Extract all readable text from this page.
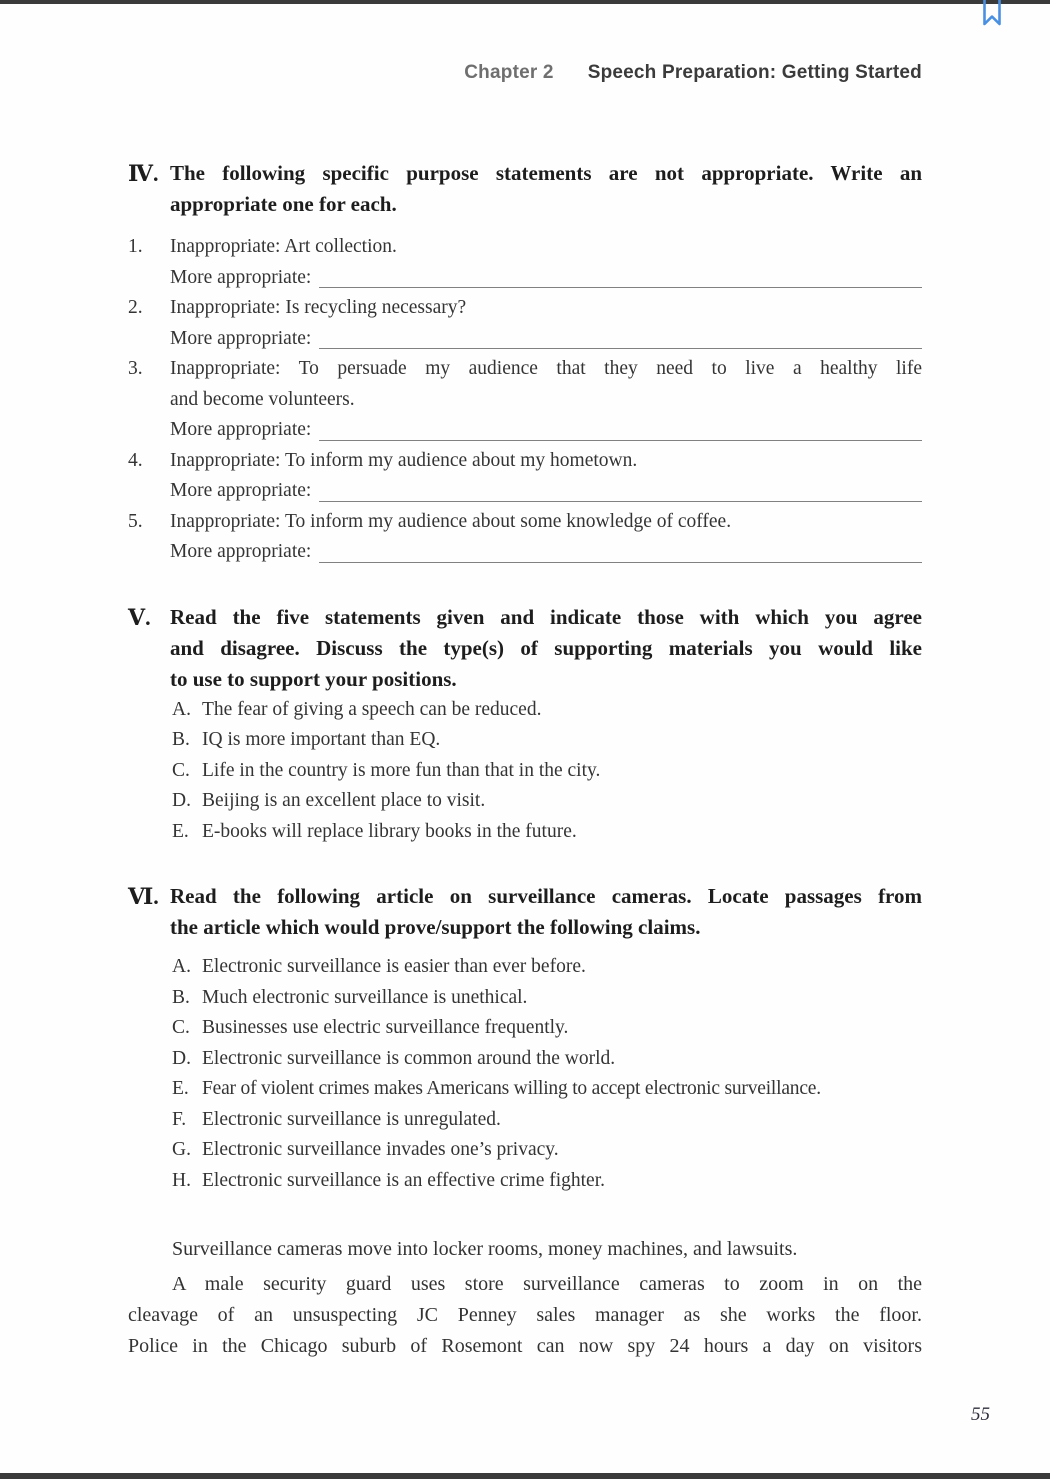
Chapter 2 Speech Preparation: Getting Started
Ⅳ. The following specific purpose statements are not appropriate. Write an
appropriate one for each.
1.	Inappropriate: Art collection.
More appropriate:
2.	Inappropriate: Is recycling necessary?
More appropriate:
3.	Inappropriate: To persuade my audience that they need to live a healthy life
and become volunteers.
More appropriate:
4.	Inappropriate: To inform my audience about my hometown.
More appropriate:
5.	Inappropriate: To inform my audience about some knowledge of coffee.
More appropriate:
Ⅴ. Read the five statements given and indicate those with which you agree
and disagree. Discuss the type(s) of supporting materials you would like
to use to support your positions.
A. The fear of giving a speech can be reduced.
B. IQ is more important than EQ.
C. Life in the country is more fun than that in the city.
D. Beijing is an excellent place to visit.
E. E-books will replace library books in the future.
Ⅵ. Read the following article on surveillance cameras. Locate passages from
the article which would prove/support the following claims.
A. Electronic surveillance is easier than ever before.
B. Much electronic surveillance is unethical.
C. Businesses use electric surveillance frequently.
D. Electronic surveillance is common around the world.
E. Fear of violent crimes makes Americans willing to accept electronic surveillance.
F. Electronic surveillance is unregulated.
G. Electronic surveillance invades one’s privacy.
H. Electronic surveillance is an effective crime fighter.
Surveillance cameras move into locker rooms, money machines, and lawsuits.
A male security guard uses store surveillance cameras to zoom in on the
cleavage of an unsuspecting JC Penney sales manager as she works the floor.
Police in the Chicago suburb of Rosemont can now spy 24 hours a day on visitors
55
